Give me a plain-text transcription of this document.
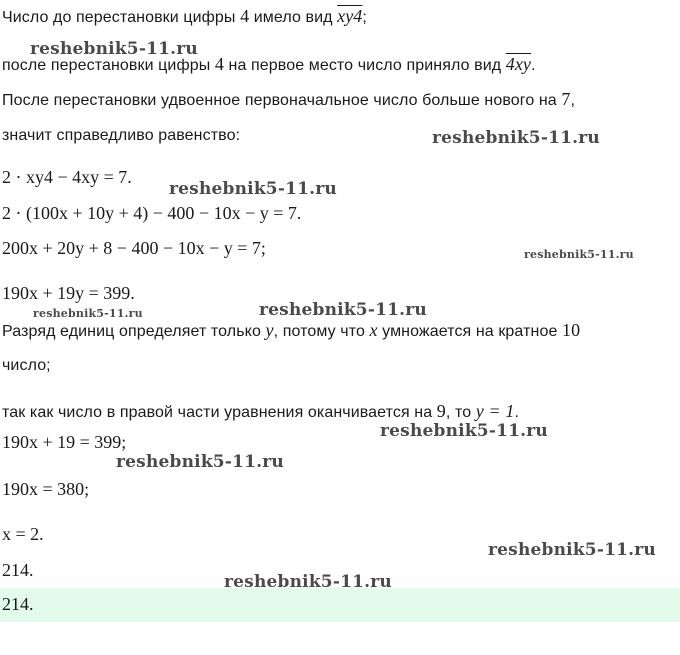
Число до перестановки цифры 4 имело вид xy4;
после перестановки цифры 4 на первое место число приняло вид 4xy.
После перестановки удвоенное первоначальное число больше нового на 7,
значит справедливо равенство:
2 · xy4 − 4xy = 7.
2 · (100x + 10y + 4) − 400 − 10x − y = 7.
200x + 20y + 8 − 400 − 10x − y = 7;
190x + 19y = 399.
Разряд единиц определяет только y, потому что x умножается на кратное 10
число;
так как число в правой части уравнения оканчивается на 9, то y = 1.
190x + 19 = 399;
190x = 380;
x = 2.
214.
214.
reshebnik5-11.ru
reshebnik5-11.ru
reshebnik5-11.ru
reshebnik5-11.ru
reshebnik5-11.ru
reshebnik5-11.ru
reshebnik5-11.ru
reshebnik5-11.ru
reshebnik5-11.ru
reshebnik5-11.ru
